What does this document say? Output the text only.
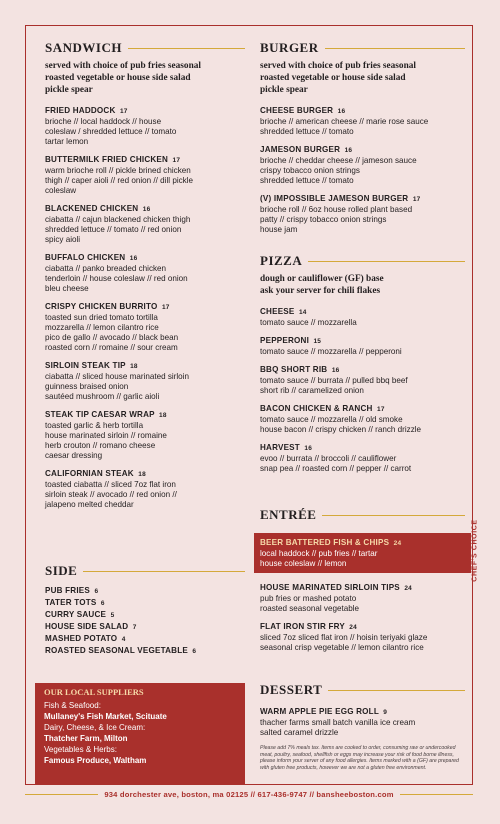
SANDWICH
served with choice of pub fries seasonal
roasted vegetable or house side salad
pickle spear
FRIED HADDOCK 17
brioche // local haddock // house
coleslaw / shredded lettuce // tomato
tartar lemon
BUTTERMILK FRIED CHICKEN 17
warm brioche roll // pickle brined chicken
thigh // caper aioli // red onion // dill pickle
coleslaw
BLACKENED CHICKEN 16
ciabatta // cajun blackened chicken thigh
shredded lettuce // tomato // red onion
spicy aioli
BUFFALO CHICKEN 16
ciabatta // panko breaded chicken
tenderloin // house coleslaw // red onion
bleu cheese
CRISPY CHICKEN BURRITO 17
toasted sun dried tomato tortilla
mozzarella // lemon cilantro rice
pico de gallo // avocado // black bean
roasted corn // romaine // sour cream
SIRLOIN STEAK TIP 18
ciabatta // sliced house marinated sirloin
guinness braised onion
sautéed mushroom // garlic aioli
STEAK TIP CAESAR WRAP 18
toasted garlic & herb tortilla
house marinated sirloin // romaine
herb crouton // romano cheese
caesar dressing
CALIFORNIAN STEAK 18
toasted ciabatta // sliced 7oz flat iron
sirloin steak // avocado // red onion //
jalapeno melted cheddar
SIDE
PUB FRIES 6
TATER TOTS 6
CURRY SAUCE 5
HOUSE SIDE SALAD 7
MASHED POTATO 4
ROASTED SEASONAL VEGETABLE 6
OUR LOCAL SUPPLIERS
Fish & Seafood:
Mullaney's Fish Market, Scituate
Dairy, Cheese, & Ice Cream:
Thatcher Farm, Milton
Vegetables & Herbs:
Famous Produce, Waltham
BURGER
served with choice of pub fries seasonal
roasted vegetable or house side salad
pickle spear
CHEESE BURGER 16
brioche // american cheese // marie rose sauce
shredded lettuce // tomato
JAMESON BURGER 16
brioche // cheddar cheese // jameson sauce
crispy tobacco onion strings
shredded lettuce // tomato
(V) IMPOSSIBLE JAMESON BURGER 17
brioche roll // 6oz house rolled plant based
patty // crispy tobacco onion strings
house jam
PIZZA
dough or cauliflower (GF) base
ask your server for chili flakes
CHEESE 14
tomato sauce // mozzarella
PEPPERONI 15
tomato sauce // mozzarella // pepperoni
BBQ SHORT RIB 16
tomato sauce // burrata // pulled bbq beef
short rib // caramelized onion
BACON CHICKEN & RANCH 17
tomato sauce // mozzarella // old smoke
house bacon // crispy chicken // ranch drizzle
HARVEST 16
evoo // burrata // broccoli // cauliflower
snap pea // roasted corn // pepper // carrot
ENTRÉE
BEER BATTERED FISH & CHIPS 24
local haddock // pub fries // tartar
house coleslaw // lemon
HOUSE MARINATED SIRLOIN TIPS 24
pub fries or mashed potato
roasted seasonal vegetable
FLAT IRON STIR FRY 24
sliced 7oz sliced flat iron // hoisin teriyaki glaze
seasonal crisp vegetable // lemon cilantro rice
DESSERT
WARM APPLE PIE EGG ROLL 9
thacher farms small batch vanilla ice cream
salted caramel drizzle
Please add 7% meals tax. Items are cooked to order, consuming raw or undercooked meat, poultry, seafood, shellfish or eggs may increase your risk of food borne illness, please inform your server of any food allergies. Items marked with a (GF) are prepared with gluten free products, however we are not a gluten free environment.
CHEF'S CHOICE
934 dorchester ave, boston, ma 02125 // 617-436-9747 // bansheeboston.com
